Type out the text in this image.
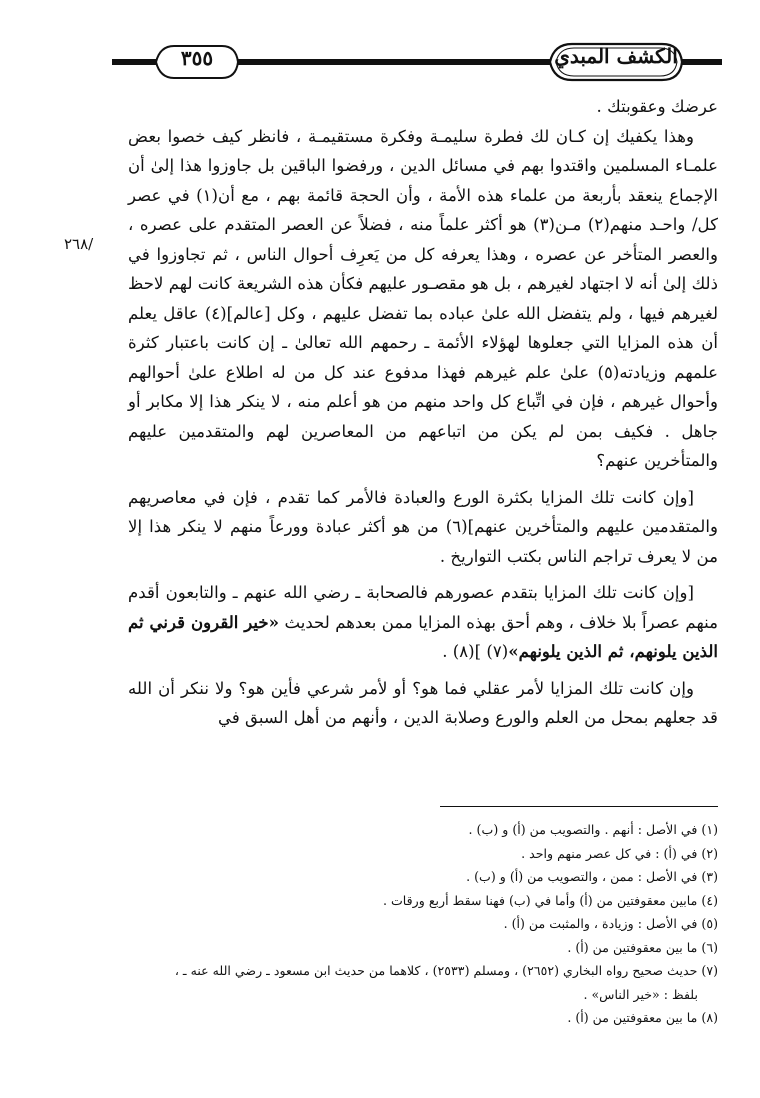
٣٥٥	الكشف المبدي
٢٦٨/

عرضك وعقوبتك .

وهذا يكفيك إن كـان لك فطرة سليمـة وفكرة مستقيمـة ، فانظر كيف خصوا بعض علمـاء المسلمين واقتدوا بهم في مسائل الدين ، ورفضوا الباقين بل جاوزوا هذا إلىٰ أن الإجماع ينعقد بأربعة من علماء هذه الأمة ، وأن الحجة قائمة بهم ، مع أن(١) في عصر كل/ واحـد منهم(٢) مـن(٣) هو أكثر علماً منه ، فضلاً عن العصر المتقدم على عصره ، والعصر المتأخر عن عصره ، وهذا يعرفه كل من يَعرِف أحوال الناس ، ثم تجاوزوا في ذلك إلىٰ أنه لا اجتهاد لغيرهم ، بل هو مقصـور عليهم فكأن هذه الشريعة كانت لهم لاحظ لغيرهم فيها ، ولم يتفضل الله علىٰ عباده بما تفضل عليهم ، وكل [عالم](٤) عاقل يعلم أن هذه المزايا التي جعلوها لهؤلاء الأئمة ـ رحمهم الله تعالىٰ ـ إن كانت باعتبار كثرة علمهم وزيادته(٥) علىٰ علم غيرهم فهذا مدفوع عند كل من له اطلاع علىٰ أحوالهم وأحوال غيرهم ، فإن في اتِّباع كل واحد منهم من هو أعلم منه ، لا ينكر هذا إلا مكابر أو جاهل . فكيف بمن لم يكن من اتباعهم من المعاصرين لهم والمتقدمين عليهم والمتأخرين عنهم؟

[وإن كانت تلك المزايا بكثرة الورع والعبادة فالأمر كما تقدم ، فإن في معاصريهم والمتقدمين عليهم والمتأخرين عنهم](٦) من هو أكثر عبادة وورعاً منهم لا ينكر هذا إلا من لا يعرف تراجم الناس بكتب التواريخ .

[وإن كانت تلك المزايا بتقدم عصورهم فالصحابة ـ رضي الله عنهم ـ والتابعون أقدم منهم عصراً بلا خلاف ، وهم أحق بهذه المزايا ممن بعدهم لحديث «خير القرون قرني ثم الذين يلونهم، ثم الذين يلونهم»(٧) ](٨) .

وإن كانت تلك المزايا لأمر عقلي فما هو؟ أو لأمر شرعي فأين هو؟ ولا ننكر أن الله قد جعلهم بمحل من العلم والورع وصلابة الدين ، وأنهم من أهل السبق في

(١) في الأصل : أنهم . والتصويب من (أ) و (ب) .

(٢) في (أ) : في كل عصر منهم واحد .

(٣) في الأصل : ممن ، والتصويب من (أ) و (ب) .

(٤) مابين معقوفتين من (أ) وأما في (ب) فهنا سقط أربع ورقات .

(٥) في الأصل : وزيادة ، والمثبت من (أ) .

(٦) ما بين معقوفتين من (أ) .

(٧) حديث صحيح رواه البخاري (٢٦٥٢) ، ومسلم (٢٥٣٣) ، كلاهما من حديث ابن مسعود ـ رضي الله عنه ـ ،

بلفظ : «خير الناس» .

(٨) ما بين معقوفتين من (أ) .
